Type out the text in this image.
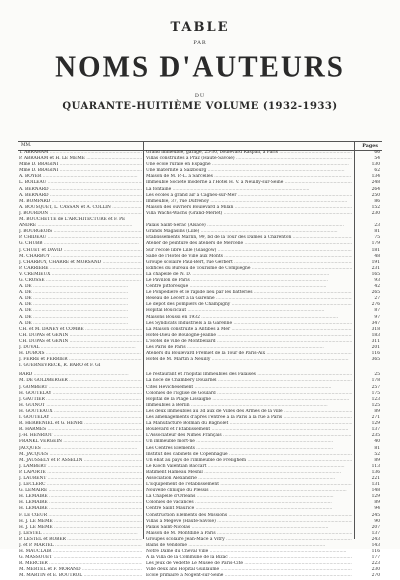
TABLE
PAR
NOMS D'AUTEURS
DU
QUARANTE-HUITIÈME VOLUME (1932-1933)
MM.	Pages
T. ABRAHAM .....	Grand immeuble, garage, 25-30, boulevard Raspail, à Paris .....	66
P. ABRAHAM et H. LE MÊME .....	Villas construites à Praz (Haute-Savoie) .....	54
Mme D. BRAGINI .....	Une école rurale en Espagne .....	130
Mme D. BRAGINI .....	Une maternité à Salzbourg .....	62
A. BOYER .....	Maison de M. P.-L. à Sarcelles .....	134
L. BOILEAU .....	Immeuble Société moderne à l'Hôtel H. V. à Neuilly-sur-Seine .....	248
A. BERNARD .....	La fontaine .....	264
A. BERNARD .....	Les écoles à grand air à Cagnes-sur-Mer .....	250
M. BOMPARD .....	Immeuble, 37, rue Dufrénoy .....	86
A. BOUSQUET, L. CASSAN et A. COLLIN .....	Maison des ouvriers Boulevard à Milan .....	152
J. BOURDON .....	Villa Wachs-Wachs (Grand-Merlet) .....	230
M. BOUCHETTE de L'ARCHITECTURE et F. PE
ANDRÉ .....	Palais Saint-Sérac (Alsace) .....	23
J. BOURGEOIS .....	Grands Magasins (Lille) .....	81
P. CHIDEAU .....	Établissements Marlin, 99, bd de la Tour des Dames à Charenton .....	75
G. CHUBB .....	Atelier de peinture des ateliers de Mercelle .....	179
J. CHUET et DAVID .....	Sur l'école libre Lille (Glasgow) .....	181
M. CHARBUY .....	Salle de l'Hôtel de Ville aux Monts .....	48
J. CHARBUY, CHARRE et MORSAND .....	Groupe scolaire Paul-Bert, rue Gerbert .....	191
P. CARRIÈRE .....	Édifices du Bureau de Tourisme de Compiègne .....	231
V. CRÉMIEUX .....	La chapelle de N. D. .....	165
G. CROSSE .....	Le Pavillon de Paris .....	93
A. DE .....	Centre pittoresque .....	42
A. DE .....	Le Ponpedière et le rapide lieu par les batteries .....	265
A. DE .....	Réseau de Lecerf à la Garenne .....	27
A. DE .....	Le dépôt des pompiers de Champigny .....	276
A. DE .....	Hôpital Boucicaut .....	87
A. DE .....	Maisons Boussi en 1932 .....	97
A. DE .....	Les Syndicats Industriels à la Garenne .....	347
CH. et M. DANEY et COMBE .....	La Maison construite à Antibes à Mer .....	318
CH. DUPAS et GÉNIN .....	Hôtel-Dieu de Boulogne-Jeanne .....	183
CH. DUPAS et GÉNIN .....	L'Hôtel de ville de Montbéliard .....	311
J. DUVAL .....	Les Paris de Paris .....	201
H. DUBOIS .....	Ateliers du Boulevard Frémiet de la Tour de Paris-Aix .....	116
J. FERRÉ et FERRIER .....	Hôtel de M. Martin à Neuilly .....	365
I. GUERNEVRECK, R. BARO et F. GI
RARD .....	Le restaurant et l'hôpital Immeubles des Falaises .....	25
M. DE GOLDBERGER .....	La noce de Chambéry Douarnel .....	178
J. GOMBERT .....	Cités Hévichesement .....	257
H. GOUTELAY .....	Colonies de l'Église de Goulard .....	175
J. GAUTIER .....	Hôpital de la Plage Lissaigne .....	123
H. GUINOT .....	Immeubles à Berlin .....	125
H. GOUTÉAUX .....	Les deux immeubles au 3d aux de Villes des Armes de la ville .....	89
I. GOUTELAY .....	Les aménagements d'après l'entrée à la Paris à la rue à Paris .....	271
R. HERBÉNIEL et G. HENRI .....	La Manufacture Bolman du Bagnolet .....	129
R. HARMES .....	Boulevard et l'Établissement .....	137
J.-H. HENRIOT .....	L'Associateur des Nimes Français .....	235
FRANKL VERGEIN .....	Un immeuble mort-né .....	40
JACQUES .....	Les Centres Éléments .....	81
M. JACQUES .....	Institut des cabinets de Copenhague .....	52
M. JAUSSELY et P. ASSELIN .....	Un ébat au pays de l'immeuble de Frelighem .....	89
J. LAMBERT .....	Le Kioch Valentian Baccart .....	113
P. LAPORTE .....	Bâtiment Hameau Mesnil .....	136
J. LAURENT .....	Association Alexandrie .....	221
J. LECLERC .....	L'Équipement de l'établissement .....	131
G. LEMAIRE .....	Nouvelle clinique du Plessis .....	148
H. LEMAIRE .....	La Chapelle d'Orléans .....	129
H. LEMAIRE .....	Colonies de vacances .....	89
H. LEMAIRE .....	Centre Saint Maurice .....	94
F. LE CŒUR .....	Construction Éléments des Missions .....	245
H. J. LE MÊME .....	Villas à Megève (Haute-Savoie) .....	90
H. J. LE MÊME .....	Palais Saint-Nicolas .....	207
J. LESTEL .....	Maison de M. Montdillé à Paris .....	137
P. LESTEL et ROBER .....	Groupes scolaire Jean-Macé à Vitry .....	243
J. et P. MARTEL .....	Bains de Vendôme .....	143
H. MAUCLAIR .....	Notre Dame du Cheval Ville .....	116
G. MASSOUET .....	À la Villa de la Commune de la Bizac .....	177
R. MERCIER .....	Les Jeux de Vedette Le Musée de Paris-Cité .....	223
M. MERTEL et F. MORAND .....	Ville deux ans Hôpital Guillaume .....	230
M. MARTIN et E. BOUTROL .....	École primaire à Nogent-sur-Seine .....	270
